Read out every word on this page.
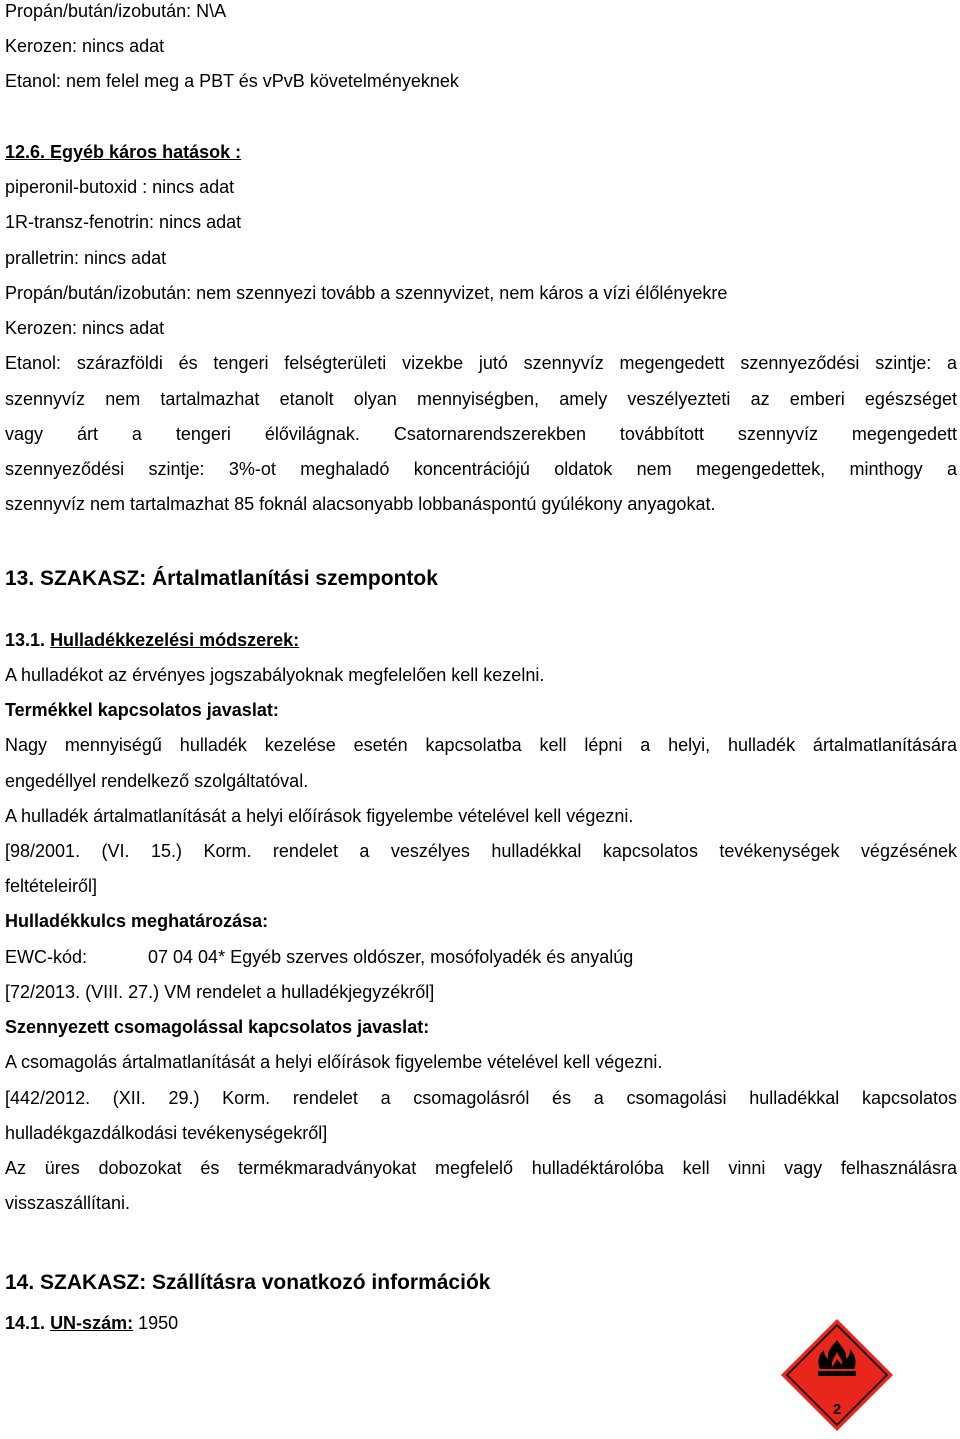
Propán/bután/izobután: N\A
Kerozen: nincs adat
Etanol: nem felel meg a PBT és vPvB követelményeknek
12.6. Egyéb káros hatások :
piperonil-butoxid : nincs adat
1R-transz-fenotrin: nincs adat
pralletrin: nincs adat
Propán/bután/izobután: nem szennyezi tovább a szennyvizet, nem káros a vízi élőlényekre
Kerozen: nincs adat
Etanol: szárazföldi és tengeri felségterületi vizekbe jutó szennyvíz megengedett szennyeződési szintje: a
szennyvíz nem tartalmazhat etanolt olyan mennyiségben, amely veszélyezteti az emberi egészséget
vagy árt a tengeri élővilágnak. Csatornarendszerekben továbbított szennyvíz megengedett
szennyeződési szintje: 3%-ot meghaladó koncentrációjú oldatok nem megengedettek, minthogy a
szennyvíz nem tartalmazhat 85 foknál alacsonyabb lobbanáspontú gyúlékony anyagokat.
13. SZAKASZ: Ártalmatlanítási szempontok
13.1. Hulladékkezelési módszerek:
A hulladékot az érvényes jogszabályoknak megfelelően kell kezelni.
Termékkel kapcsolatos javaslat:
Nagy mennyiségű hulladék kezelése esetén kapcsolatba kell lépni a helyi, hulladék ártalmatlanítására
engedéllyel rendelkező szolgáltatóval.
A hulladék ártalmatlanítását a helyi előírások figyelembe vételével kell végezni.
[98/2001. (VI. 15.) Korm. rendelet a veszélyes hulladékkal kapcsolatos tevékenységek végzésének
feltételeiről]
Hulladékkulcs meghatározása:
EWC-kód:	07 04 04* Egyéb szerves oldószer, mosófolyadék és anyalúg
[72/2013. (VIII. 27.) VM rendelet a hulladékjegyzékről]
Szennyezett csomagolással kapcsolatos javaslat:
A csomagolás ártalmatlanítását a helyi előírások figyelembe vételével kell végezni.
[442/2012. (XII. 29.) Korm. rendelet a csomagolásról és a csomagolási hulladékkal kapcsolatos
hulladékgazdálkodási tevékenységekről]
Az üres dobozokat és termékmaradványokat megfelelő hulladéktárolóba kell vinni vagy felhasználásra
visszaszállítani.
14. SZAKASZ: Szállításra vonatkozó információk
14.1. UN-szám: 1950
2
